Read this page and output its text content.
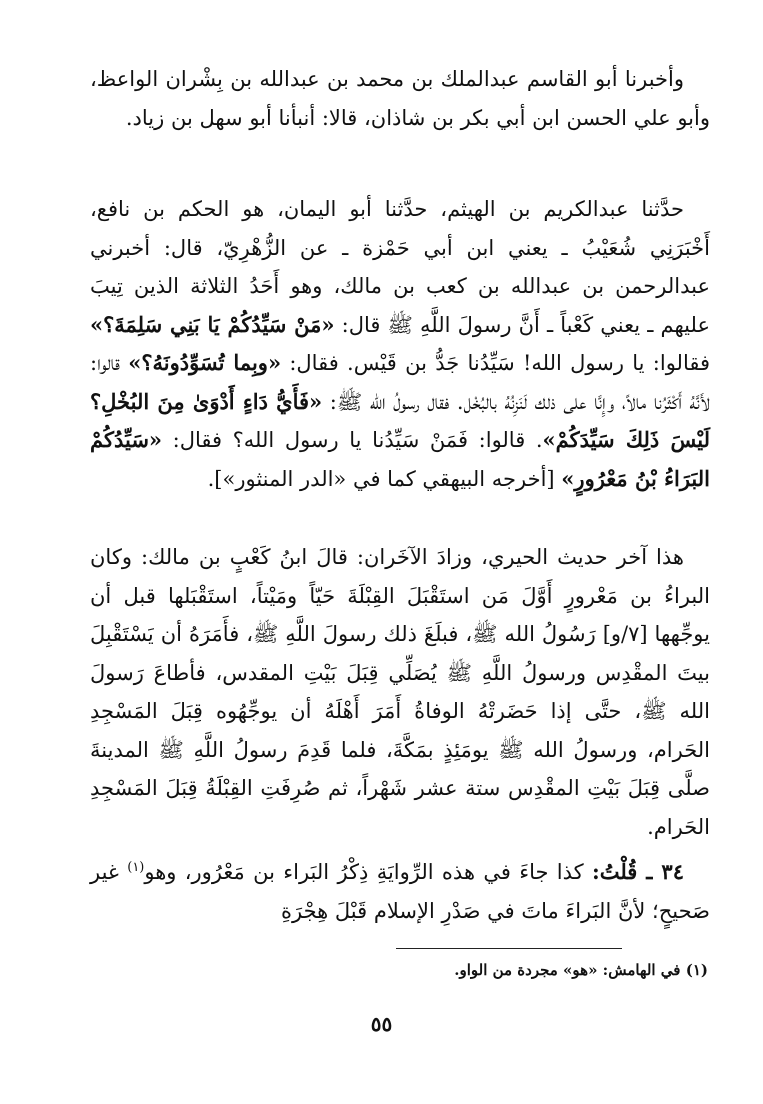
وأخبرنا أبو القاسم عبدالملك بن محمد بن عبدالله بن بِشْران الواعظ، وأبو علي الحسن ابن أبي بكر بن شاذان، قالا: أنبأنا أبو سهل بن زياد.

حدَّثنا عبدالكريم بن الهيثم، حدَّثنا أبو اليمان، هو الحكم بن نافع، أَخْبَرَنِي شُعَيْبُ ـ يعني ابن أبي حَمْزة ـ عن الزُّهْرِيّ، قال: أخبرني عبدالرحمن بن عبدالله بن كعب بن مالك، وهو أَحَدُ الثلاثة الذين تِيبَ عليهم ـ يعني كَعْباً ـ أَنَّ رسولَ اللَّهِ ﷺ قال: «مَنْ سَيِّدُكُمْ يَا بَنِي سَلِمَةَ؟» فقالوا: يا رسول الله! سَيِّدُنا جَدُّ بن قَيْس. فقال: «وبِما تُسَوِّدُونَهُ؟» قالوا: لأَنَّهُ أَكْثَرُنا مالاً، وإِنَّا على ذلك لَنَزِنُهُ بالبُخْل. فقال رسولُ الله ﷺ: «فَأَيُّ دَاءٍ أَدْوَىٰ مِنَ البُخْلِ؟ لَيْسَ ذَلِكَ سَيِّدَكُمْ». قالوا: فَمَنْ سَيِّدُنا يا رسول الله؟ فقال: «سَيِّدُكُمْ البَرَاءُ بْنُ مَعْرُورٍ» [أخرجه البيهقي كما في «الدر المنثور»].

هذا آخر حديث الحيري، وزادَ الآخَران: قالَ ابنُ كَعْبٍ بن مالك: وكان البراءُ بن مَعْرورٍ أَوَّلَ مَن استَقْبَلَ القِبْلَةَ حَيّاً ومَيْتاً، استَقْبَلها قبل أن يوجِّهها [٧/و] رَسُولُ الله ﷺ، فبلَغَ ذلك رسولَ اللَّهِ ﷺ، فأَمَرَهُ أن يَسْتَقْبِلَ بيتَ المقْدِس ورسولُ اللَّهِ ﷺ يُصَلِّي قِبَلَ بَيْتِ المقدس، فأطاعَ رَسولَ الله ﷺ، حتَّى إذا حَضَرتْهُ الوفاةُ أَمَرَ أَهْلَهُ أن يوجِّهُوه قِبَلَ المَسْجِدِ الحَرام، ورسولُ الله ﷺ يومَئِذٍ بمَكَّةَ، فلما قَدِمَ رسولُ اللَّهِ ﷺ المدينةَ صلَّى قِبَلَ بَيْتِ المقْدِس ستة عشر شَهْراً، ثم صُرِفَتِ القِبْلَةُ قِبَلَ المَسْجِدِ الحَرام.

٣٤ ـ قُلْتُ: كذا جاءَ في هذه الرِّوايَةِ ذِكْرُ البَراء بن مَعْرُور، وهو$^{(١)}$ غير صَحيحٍ؛ لأنَّ البَراءَ ماتَ في صَدْرِ الإسلام قَبْلَ هِجْرَةِ

(١) في الهامش: «هو» مجردة من الواو.
٥٥
